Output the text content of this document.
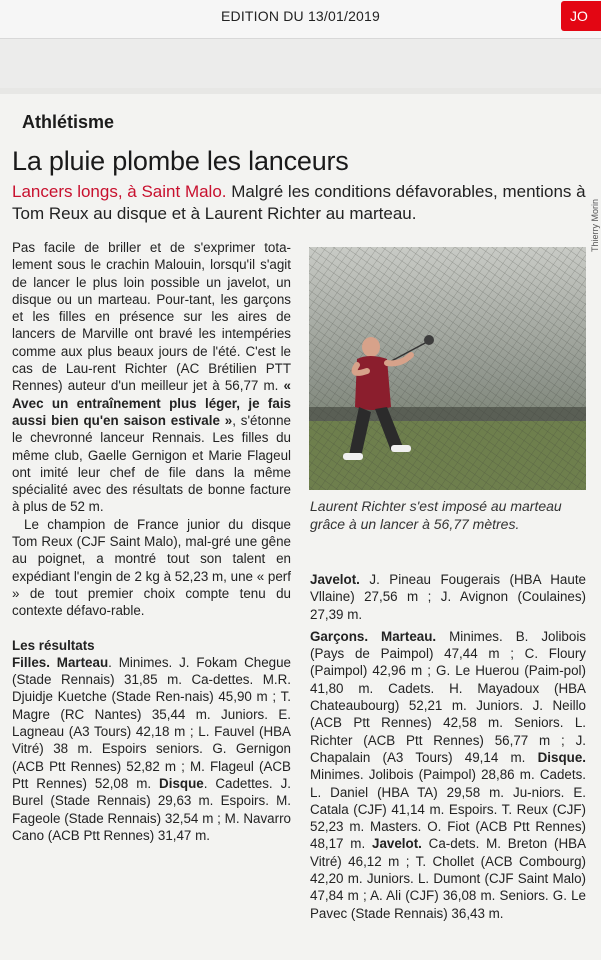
EDITION DU 13/01/2019	JO
Athlétisme
La pluie plombe les lanceurs
Lancers longs, à Saint Malo. Malgré les conditions défavorables, mentions à Tom Reux au disque et à Laurent Richter au marteau.

Pas facile de briller et de s'exprimer tota-lement sous le crachin Malouin, lorsqu'il s'agit de lancer le plus loin possible un javelot, un disque ou un marteau. Pour-tant, les garçons et les filles en présence sur les aires de lancers de Marville ont bravé les intempéries comme aux plus beaux jours de l'été. C'est le cas de Lau-rent Richter (AC Brétilien PTT Rennes) auteur d'un meilleur jet à 56,77 m. « Avec un entraînement plus léger, je fais aussi bien qu'en saison estivale », s'étonne le chevronné lanceur Rennais. Les filles du même club, Gaelle Gernigon et Marie Flageul ont imité leur chef de file dans la même spécialité avec des résultats de bonne facture à plus de 52 m.

Le champion de France junior du disque Tom Reux (CJF Saint Malo), mal-gré une gêne au poignet, a montré tout son talent en expédiant l'engin de 2 kg à 52,23 m, une « perf » de tout premier choix compte tenu du contexte défavo-rable.

Les résultats

Filles. Marteau. Minimes. J. Fokam Chegue (Stade Rennais) 31,85 m. Ca-dettes. M.R. Djuidje Kuetche (Stade Ren-nais) 45,90 m ; T. Magre (RC Nantes) 35,44 m. Juniors. E. Lagneau (A3 Tours) 42,18 m ; L. Fauvel (HBA Vitré) 38 m. Espoirs seniors. G. Gernigon (ACB Ptt Rennes) 52,82 m ; M. Flageul (ACB Ptt Rennes) 52,08 m. Disque. Cadettes. J. Burel (Stade Rennais) 29,63 m. Espoirs. M. Fageole (Stade Rennais) 32,54 m ; M. Navarro Cano (ACB Ptt Rennes) 31,47 m.

Thierry Morin
Laurent Richter s'est imposé au marteau grâce à un lancer à 56,77 mètres.

Javelot. J. Pineau Fougerais (HBA Haute Vllaine) 27,56 m ; J. Avignon (Coulaines) 27,39 m.

Garçons. Marteau. Minimes. B. Jolibois (Pays de Paimpol) 47,44 m ; C. Floury (Paimpol) 42,96 m ; G. Le Huerou (Paim-pol) 41,80 m. Cadets. H. Mayadoux (HBA Chateaubourg) 52,21 m. Juniors. J. Neillo (ACB Ptt Rennes) 42,58 m. Seniors. L. Richter (ACB Ptt Rennes) 56,77 m ; J. Chapalain (A3 Tours) 49,14 m. Disque. Minimes. Jolibois (Paimpol) 28,86 m. Cadets. L. Daniel (HBA TA) 29,58 m. Ju-niors. E. Catala (CJF) 41,14 m. Espoirs. T. Reux (CJF) 52,23 m. Masters. O. Fiot (ACB Ptt Rennes) 48,17 m. Javelot. Ca-dets. M. Breton (HBA Vitré) 46,12 m ; T. Chollet (ACB Combourg) 42,20 m. Juniors. L. Dumont (CJF Saint Malo) 47,84 m ; A. Ali (CJF) 36,08 m. Seniors. G. Le Pavec (Stade Rennais) 36,43 m.
